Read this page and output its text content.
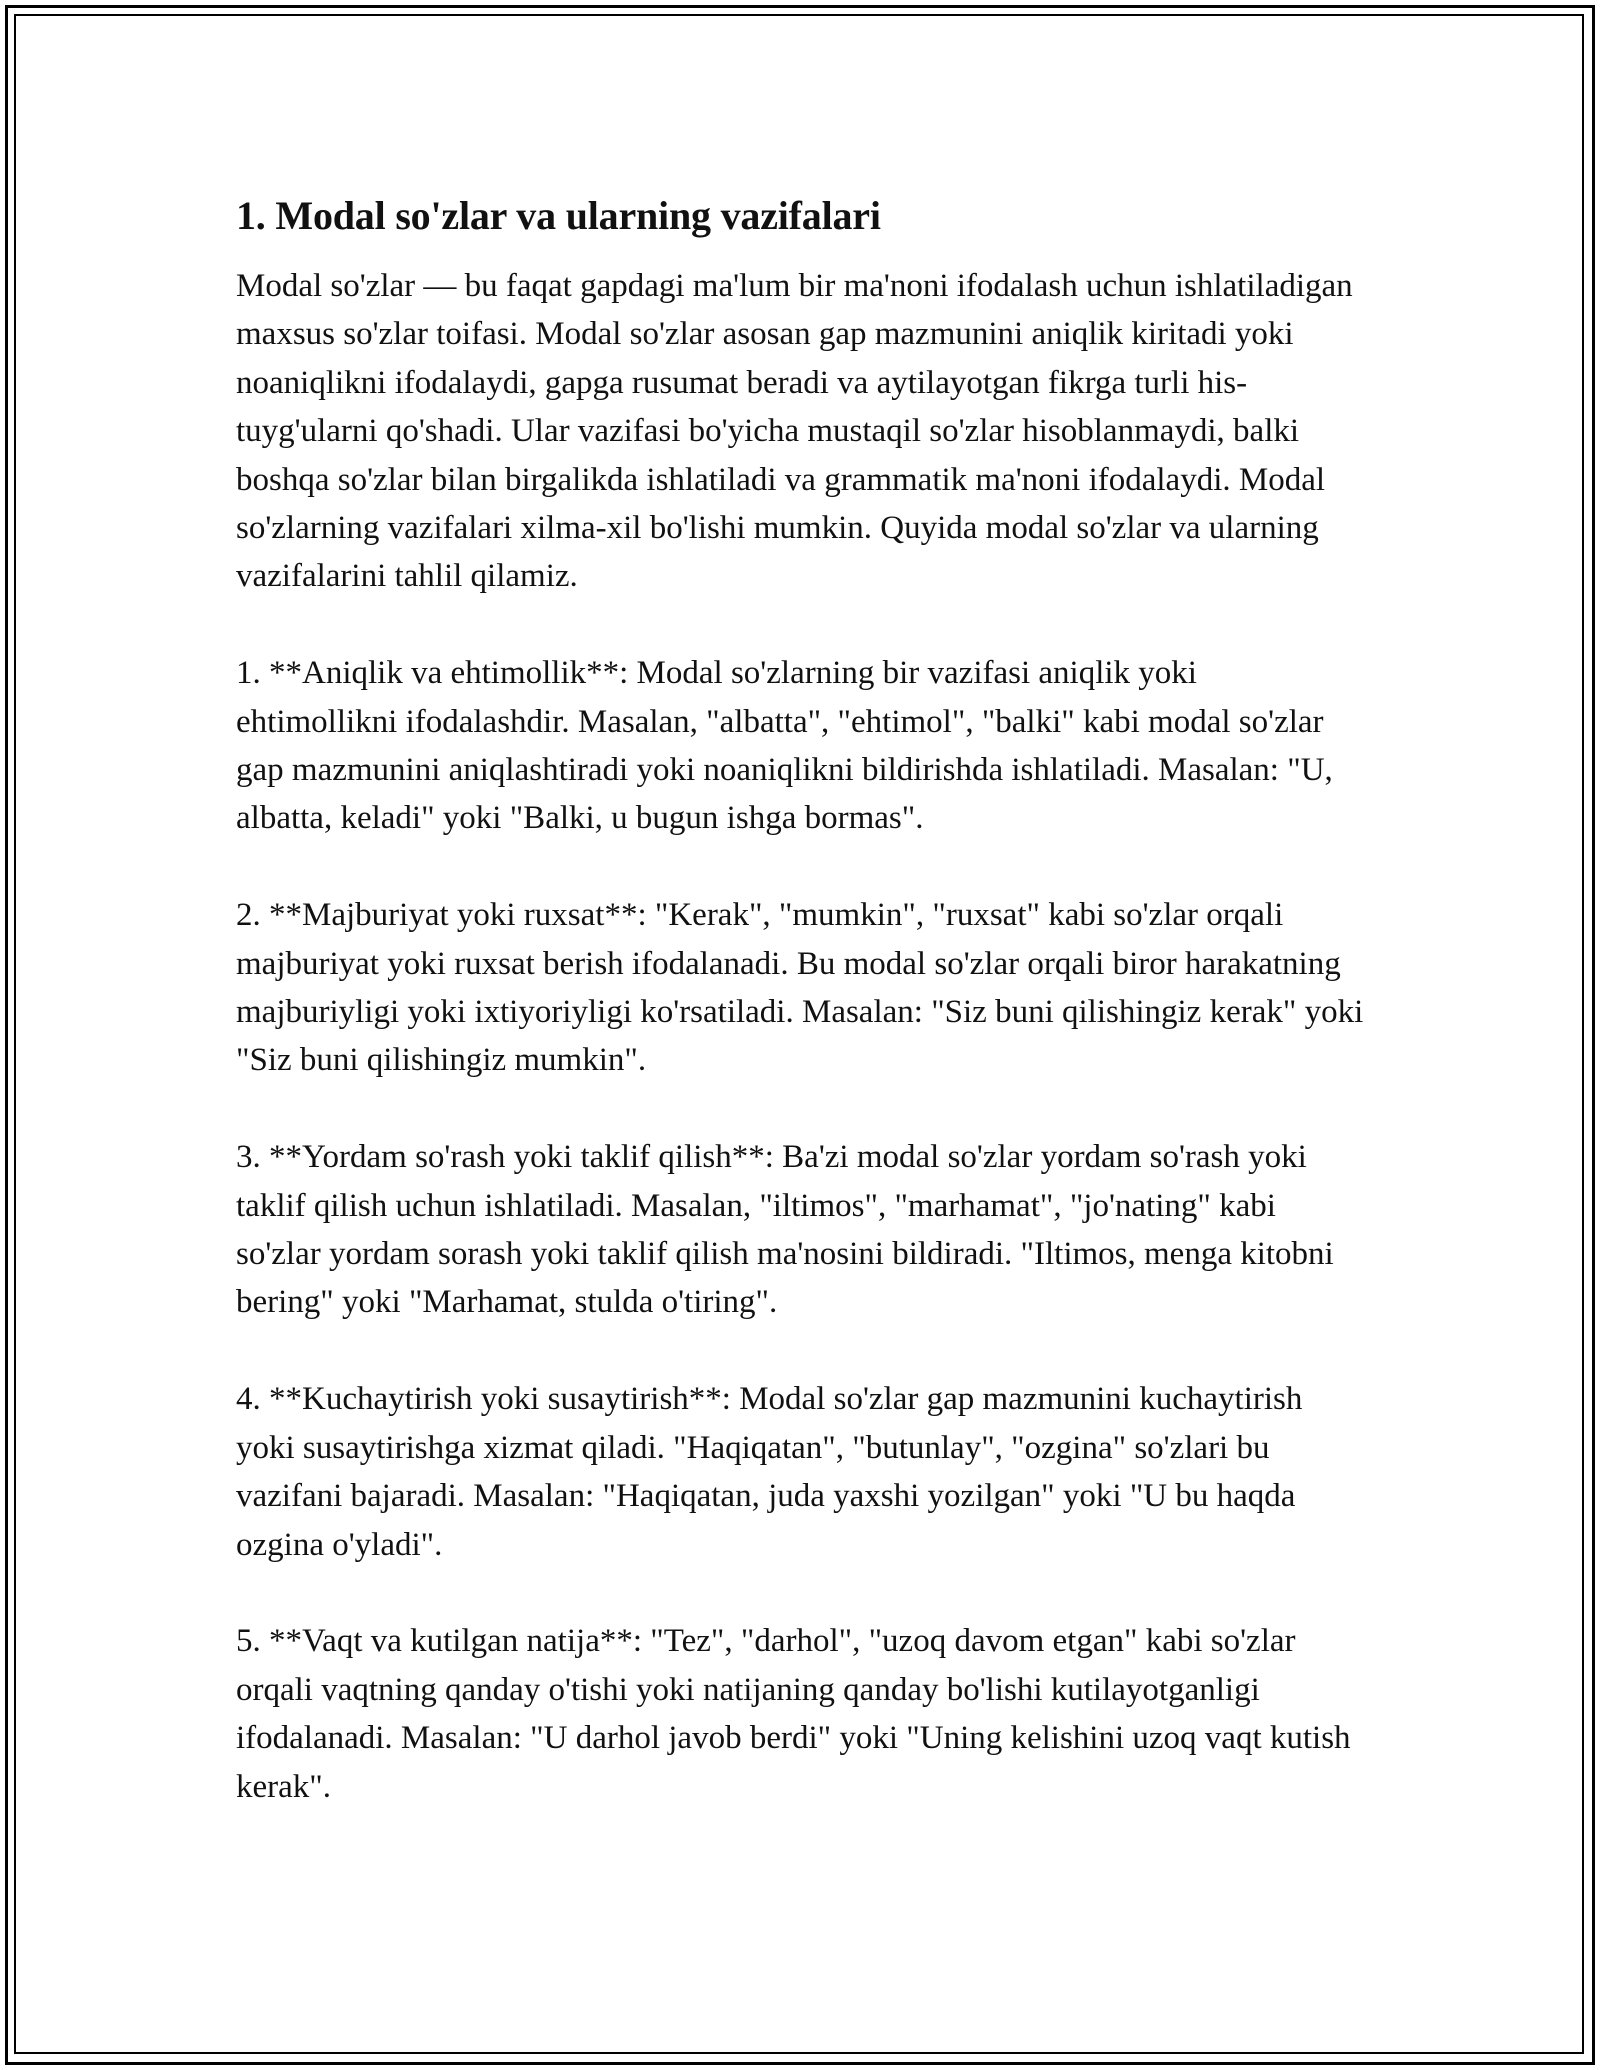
1. Modal so'zlar va ularning vazifalari

Modal so'zlar — bu faqat gapdagi ma'lum bir ma'noni ifodalash uchun ishlatiladigan maxsus so'zlar toifasi. Modal so'zlar asosan gap mazmunini aniqlik kiritadi yoki noaniqlikni ifodalaydi, gapga rusumat beradi va aytilayotgan fikrga turli his-tuyg'ularni qo'shadi. Ular vazifasi bo'yicha mustaqil so'zlar hisoblanmaydi, balki boshqa so'zlar bilan birgalikda ishlatiladi va grammatik ma'noni ifodalaydi. Modal so'zlarning vazifalari xilma-xil bo'lishi mumkin. Quyida modal so'zlar va ularning vazifalarini tahlil qilamiz.

1. **Aniqlik va ehtimollik**: Modal so'zlarning bir vazifasi aniqlik yoki ehtimollikni ifodalashdir. Masalan, "albatta", "ehtimol", "balki" kabi modal so'zlar gap mazmunini aniqlashtiradi yoki noaniqlikni bildirishda ishlatiladi. Masalan: "U, albatta, keladi" yoki "Balki, u bugun ishga bormas".

2. **Majburiyat yoki ruxsat**: "Kerak", "mumkin", "ruxsat" kabi so'zlar orqali majburiyat yoki ruxsat berish ifodalanadi. Bu modal so'zlar orqali biror harakatning majburiyligi yoki ixtiyoriyligi ko'rsatiladi. Masalan: "Siz buni qilishingiz kerak" yoki "Siz buni qilishingiz mumkin".

3. **Yordam so'rash yoki taklif qilish**: Ba'zi modal so'zlar yordam so'rash yoki taklif qilish uchun ishlatiladi. Masalan, "iltimos", "marhamat", "jo'nating" kabi so'zlar yordam sorash yoki taklif qilish ma'nosini bildiradi. "Iltimos, menga kitobni bering" yoki "Marhamat, stulda o'tiring".

4. **Kuchaytirish yoki susaytirish**: Modal so'zlar gap mazmunini kuchaytirish yoki susaytirishga xizmat qiladi. "Haqiqatan", "butunlay", "ozgina" so'zlari bu vazifani bajaradi. Masalan: "Haqiqatan, juda yaxshi yozilgan" yoki "U bu haqda ozgina o'yladi".

5. **Vaqt va kutilgan natija**: "Tez", "darhol", "uzoq davom etgan" kabi so'zlar orqali vaqtning qanday o'tishi yoki natijaning qanday bo'lishi kutilayotganligi ifodalanadi. Masalan: "U darhol javob berdi" yoki "Uning kelishini uzoq vaqt kutish kerak".
